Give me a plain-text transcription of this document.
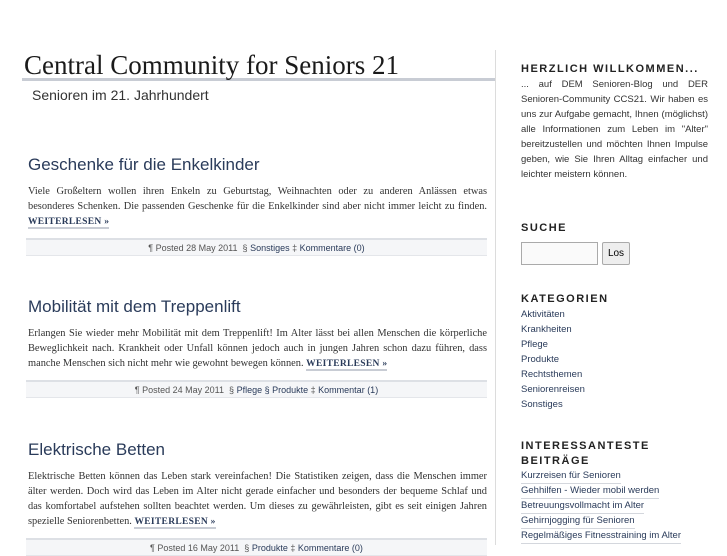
Central Community for Seniors 21
Senioren im 21. Jahrhundert
Geschenke für die Enkelkinder

Viele Großeltern wollen ihren Enkeln zu Geburtstag, Weihnachten oder zu anderen Anlässen etwas besonderes Schenken. Die passenden Geschenke für die Enkelkinder sind aber nicht immer leicht zu finden. WEITERLESEN »

¶ Posted 28 May 2011 § Sonstiges ‡ Kommentare (0)
Mobilität mit dem Treppenlift

Erlangen Sie wieder mehr Mobilität mit dem Treppenlift! Im Alter lässt bei allen Menschen die körperliche Beweglichkeit nach. Krankheit oder Unfall können jedoch auch in jungen Jahren schon dazu führen, dass manche Menschen sich nicht mehr wie gewohnt bewegen können. WEITERLESEN »

¶ Posted 24 May 2011 § Pflege § Produkte ‡ Kommentar (1)
Elektrische Betten

Elektrische Betten können das Leben stark vereinfachen! Die Statistiken zeigen, dass die Menschen immer älter werden. Doch wird das Leben im Alter nicht gerade einfacher und besonders der bequeme Schlaf und das komfortabel aufstehen sollten beachtet werden. Um dieses zu gewährleisten, gibt es seit einigen Jahren spezielle Seniorenbetten. WEITERLESEN »

¶ Posted 16 May 2011 § Produkte ‡ Kommentare (0)
HERZLICH WILLKOMMEN...
... auf DEM Senioren-Blog und DER Senioren-Community CCS21. Wir haben es uns zur Aufgabe gemacht, Ihnen (möglichst) alle Informationen zum Leben im "Alter" bereitzustellen und möchten Ihnen Impulse geben, wie Sie Ihren Alltag einfacher und leichter meistern können.
SUCHE
Los
KATEGORIEN
Aktivitäten
Krankheiten
Pflege
Produkte
Rechtsthemen
Seniorenreisen
Sonstiges
INTERESSANTESTE BEITRÄGE
Kurzreisen für Senioren
Gehhilfen - Wieder mobil werden
Betreuungsvollmacht im Alter
Gehirnjogging für Senioren
Regelmäßiges Fitnesstraining im Alter
